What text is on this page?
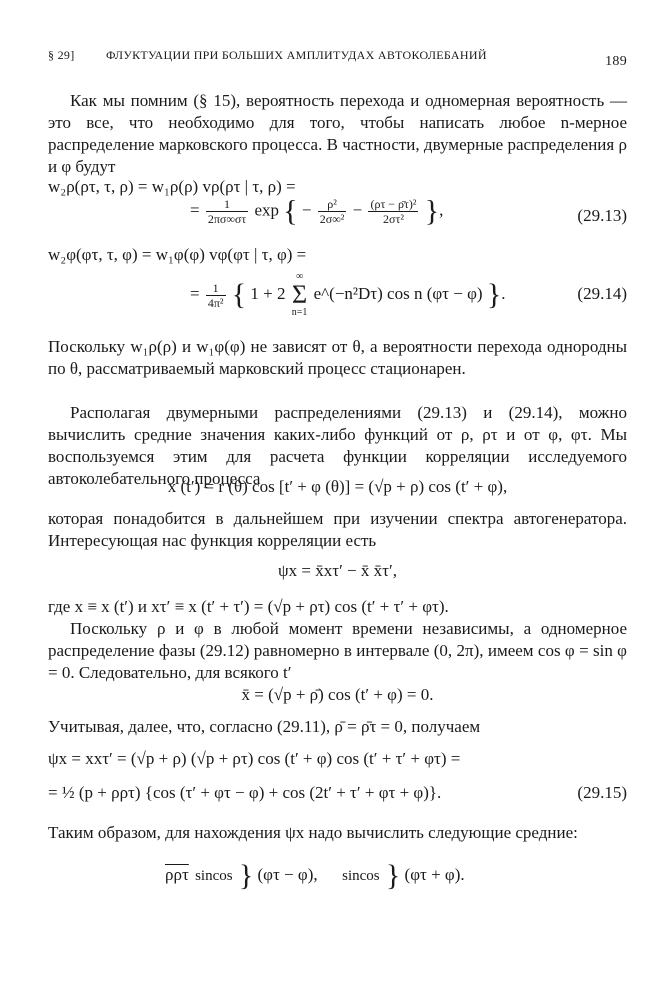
§ 29]	ФЛУКТУАЦИИ ПРИ БОЛЬШИХ АМПЛИТУДАХ АВТОКОЛЕБАНИЙ	189
Как мы помним (§ 15), вероятность перехода и одномерная вероятность — это все, что необходимо для того, чтобы написать любое n-мерное распределение марковского процесса. В частности, двумерные распределения ρ и φ будут
w₂ρ(ρτ, τ, ρ) = w₁ρ(ρ) vρ(ρτ | τ, ρ) =
= $\frac{1}{2\pi\sigma\infty\sigma\tau}$ exp { − $\frac{\text{ρ²}}{\text{2σ∞²}} - \frac{\text{(ρτ − ρ̄τ)²}}{\text{2στ²}}$ },	(29.13)
w₂φ(φτ, τ, φ) = w₁φ(φ) vφ(φτ | τ, φ) =
= $\frac{1}{\text{4π²}}$ { 1 + 2 ∞
Σ
n=1 e^(−n²Dτ) cos n (φτ − φ) }.	(29.14)
Поскольку w₁ρ(ρ) и w₁φ(φ) не зависят от θ, а вероятности перехода однородны по θ, рассматриваемый марковский процесс стационарен.
Располагая двумерными распределениями (29.13) и (29.14), можно вычислить средние значения каких-либо функций от ρ, ρτ и от φ, φτ. Мы воспользуемся этим для расчета функции корреляции исследуемого автоколебательного процесса
x (t′) = r (θ) cos [t′ + φ (θ)] = (√p + ρ) cos (t′ + φ),
которая понадобится в дальнейшем при изучении спектра автогенератора. Интересующая нас функция корреляции есть
ψx = x̄xτ′ − x̄ x̄τ′,
где x ≡ x (t′) и xτ′ ≡ x (t′ + τ′) = (√p + ρτ) cos (t′ + τ′ + φτ).
Поскольку ρ и φ в любой момент времени независимы, а одномерное распределение фазы (29.12) равномерно в интервале (0, 2π), имеем cos φ = sin φ = 0. Следовательно, для всякого t′
x̄ = (√p + ρ̄) cos (t′ + φ) = 0.
Учитывая, далее, что, согласно (29.11), ρ̄ = ρ̄τ = 0, получаем
ψx = xxτ′ = (√p + ρ) (√p + ρτ) cos (t′ + φ) cos (t′ + τ′ + φτ) =
= ½ (p + ρρτ) {cos (τ′ + φτ − φ) + cos (2t′ + τ′ + φτ + φ)}.	(29.15)
Таким образом, для нахождения ψx надо вычислить следующие средние:
$\overline{\rho\rho\tau}$ sincos } (φτ − φ), sincos } (φτ + φ).
